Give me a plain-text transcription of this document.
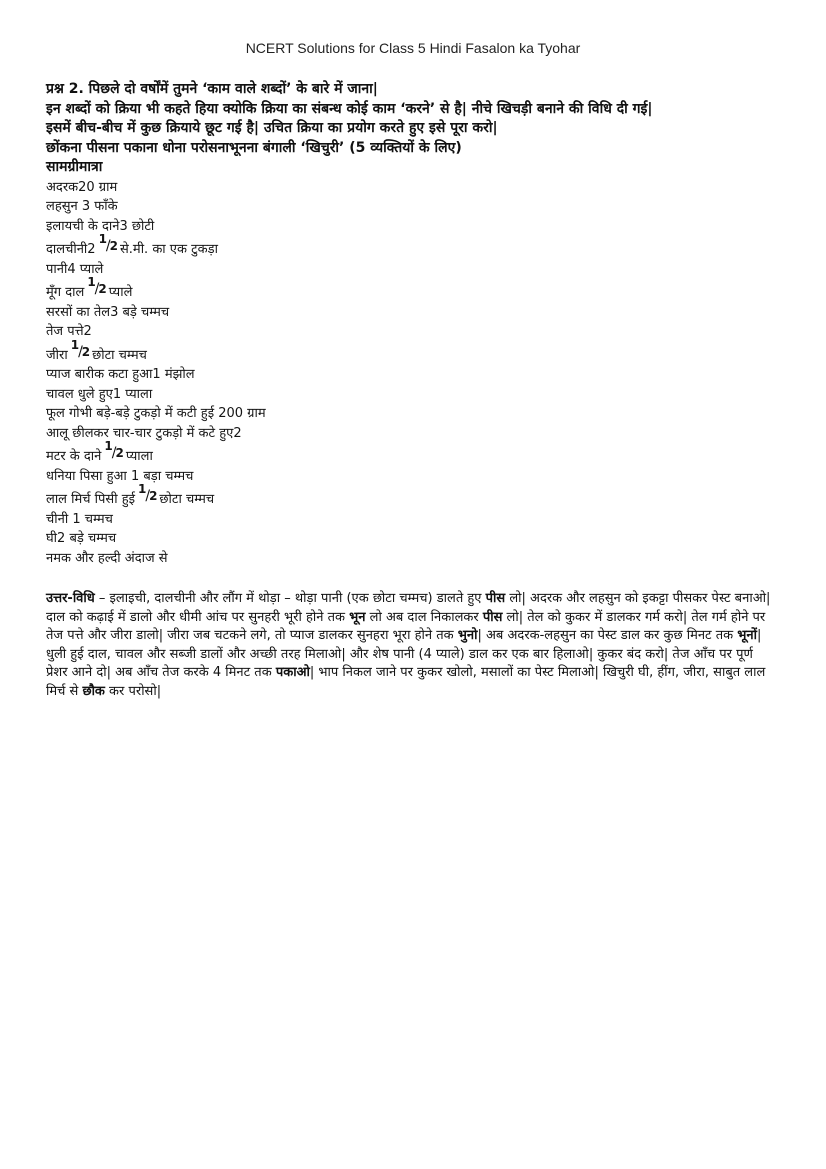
NCERT Solutions for Class 5 Hindi Fasalon ka Tyohar
प्रश्न 2. पिछले दो वर्षोंमें तुमने ‘काम वाले शब्दों’ के बारे में जाना|
इन शब्दों को क्रिया भी कहते हिया क्योकि क्रिया का संबन्ध कोई काम ‘करने’ से है| नीचे खिचड़ी बनाने की विधि दी गई|
इसमें बीच-बीच में कुछ क्रियाये छूट गई है| उचित क्रिया का प्रयोग करते हुए इसे पूरा करो|
छोंकना पीसना पकाना धोना परोसनाभूनना बंगाली ‘खिचुरी’ (5 व्यक्तियों के लिए)
सामग्रीमात्रा
अदरक20 ग्राम
लहसुन 3 फाँके
इलायची के दाने3 छोटी
दालचीनी21/2 से.मी. का एक टुकड़ा
पानी4 प्याले
मूँग दाल1/2 प्याले
सरसों का तेल3 बड़े चम्मच
तेज पत्ते2
जीरा1/2 छोटा चम्मच
प्याज बारीक कटा हुआ1 मंझोल
चावल धुले हुए1 प्याला
फूल गोभी बड़े-बड़े टुकड़ो में कटी हुई 200 ग्राम
आलू छीलकर चार-चार टुकड़ो में कटे हुए2
मटर के दाने1/2 प्याला
धनिया पिसा हुआ 1 बड़ा चम्मच
लाल मिर्च पिसी हुई1/2 छोटा चम्मच
चीनी 1 चम्मच
घी2 बड़े चम्मच
नमक और हल्दी अंदाज से
उत्तर-विधि – इलाइची, दालचीनी और लौंग में थोड़ा – थोड़ा पानी (एक छोटा चम्मच) डालते हुए पीस लो| अदरक और लहसुन को इकट्टा पीसकर पेस्ट बनाओ| दाल को कढ़ाई में डालो और धीमी आंच पर सुनहरी भूरी होने तक भून लो अब दाल निकालकर पीस लो| तेल को कुकर में डालकर गर्म करो| तेल गर्म होने पर तेज पत्ते और जीरा डालो| जीरा जब चटकने लगे, तो प्याज डालकर सुनहरा भूरा होने तक भुनो| अब अदरक-लहसुन का पेस्ट डाल कर कुछ मिनट तक भूनों| धुली हुई दाल, चावल और सब्जी डालों और अच्छी तरह मिलाओ| और शेष पानी (4 प्याले) डाल कर एक बार हिलाओ| कुकर बंद करो| तेज आँच पर पूर्ण प्रेशर आने दो| अब आँच तेज करके 4 मिनट तक पकाओ| भाप निकल जाने पर कुकर खोलो, मसालों का पेस्ट मिलाओ| खिचुरी घी, हींग, जीरा, साबुत लाल मिर्च से छौक कर परोसो|
